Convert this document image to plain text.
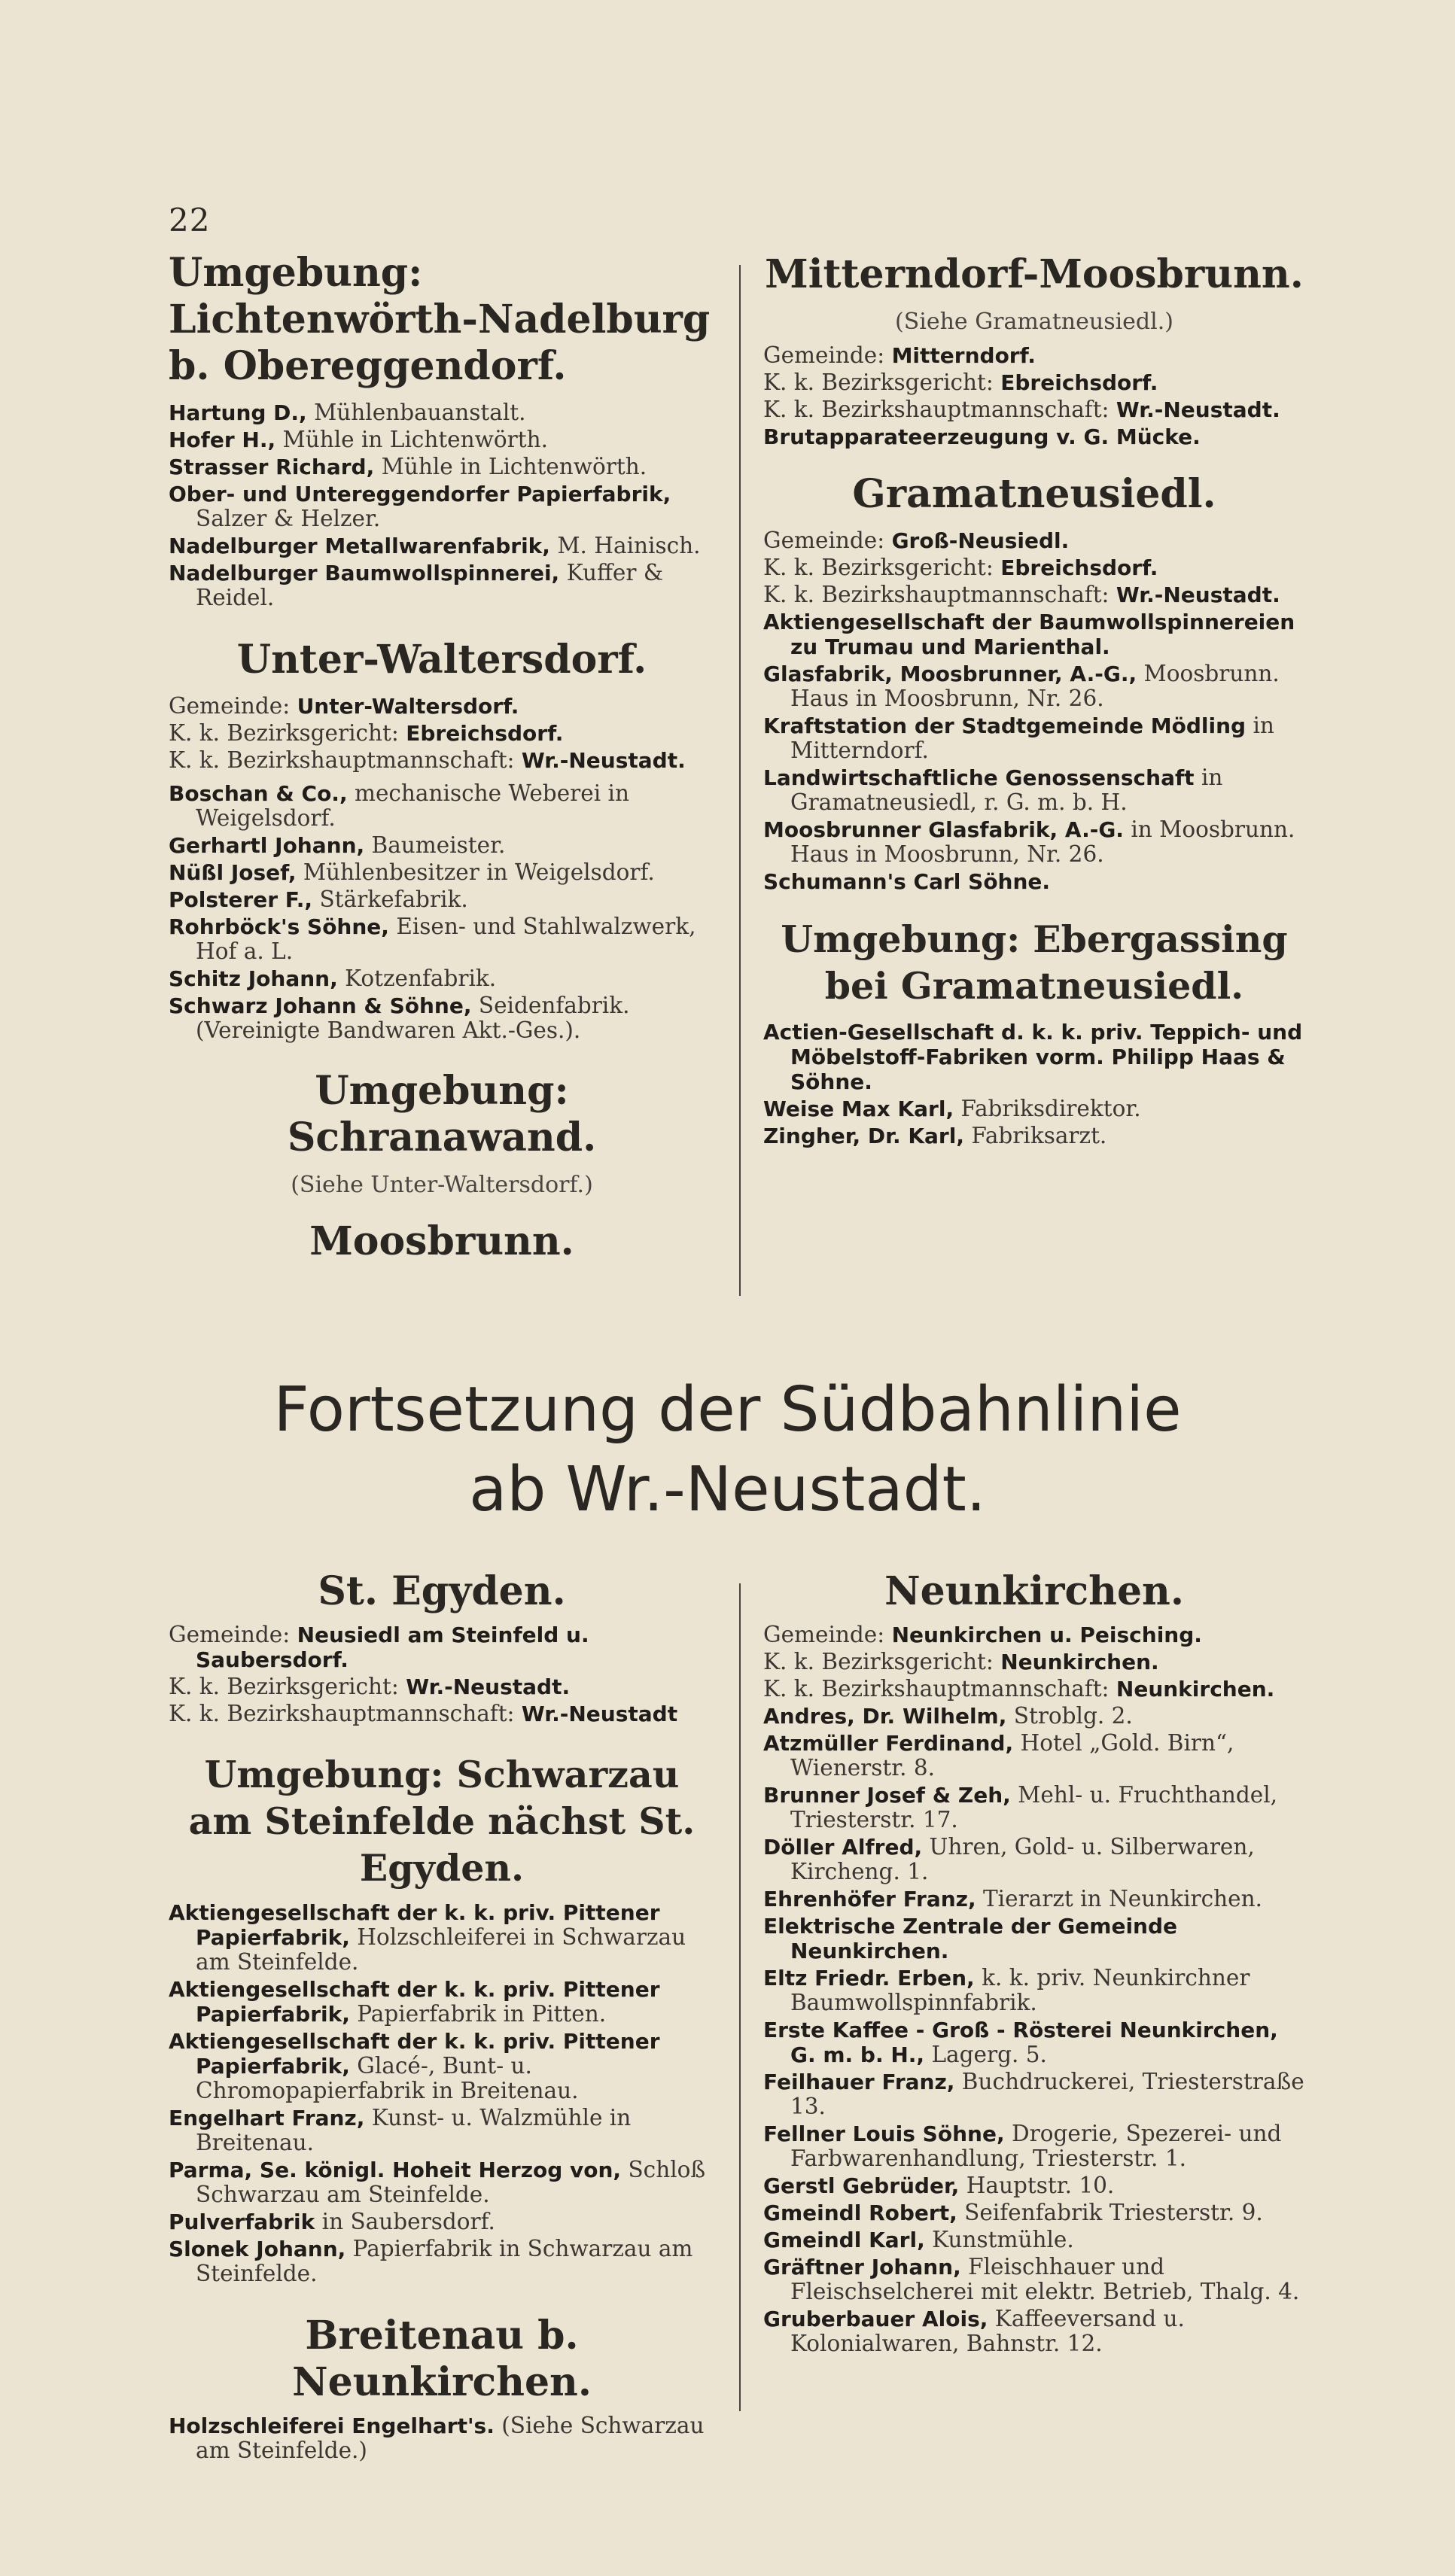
22
Umgebung: Lichtenwörth-Nadelburg b. Obereggendorf.

Hartung D., Mühlenbauanstalt.

Hofer H., Mühle in Lichtenwörth.

Strasser Richard, Mühle in Lichtenwörth.

Ober- und Untereggendorfer Papierfabrik, Salzer & Helzer.

Nadelburger Metallwarenfabrik, M. Hainisch.

Nadelburger Baumwollspinnerei, Kuffer & Reidel.

Unter-Waltersdorf.

Gemeinde: Unter-Waltersdorf.

K. k. Bezirksgericht: Ebreichsdorf.

K. k. Bezirkshauptmannschaft: Wr.-Neustadt.

Boschan & Co., mechanische Weberei in Weigelsdorf.

Gerhartl Johann, Baumeister.

Nüßl Josef, Mühlenbesitzer in Weigelsdorf.

Polsterer F., Stärkefabrik.

Rohrböck's Söhne, Eisen- und Stahlwalzwerk, Hof a. L.

Schitz Johann, Kotzenfabrik.

Schwarz Johann & Söhne, Seidenfabrik. (Vereinigte Bandwaren Akt.-Ges.).

Umgebung: Schranawand.
(Siehe Unter-Waltersdorf.)
Moosbrunn.
Mitterndorf-Moosbrunn.
(Siehe Gramatneusiedl.)

Gemeinde: Mitterndorf.

K. k. Bezirksgericht: Ebreichsdorf.

K. k. Bezirkshauptmannschaft: Wr.-Neustadt.

Brutapparateerzeugung v. G. Mücke.

Gramatneusiedl.

Gemeinde: Groß-Neusiedl.

K. k. Bezirksgericht: Ebreichsdorf.

K. k. Bezirkshauptmannschaft: Wr.-Neustadt.

Aktiengesellschaft der Baumwollspinnereien zu Trumau und Marienthal.

Glasfabrik, Moosbrunner, A.-G., Moosbrunn. Haus in Moosbrunn, Nr. 26.

Kraftstation der Stadtgemeinde Mödling in Mitterndorf.

Landwirtschaftliche Genossenschaft in Gramatneusiedl, r. G. m. b. H.

Moosbrunner Glasfabrik, A.-G. in Moosbrunn. Haus in Moosbrunn, Nr. 26.

Schumann's Carl Söhne.

Umgebung: Ebergassing bei Gramatneusiedl.

Actien-Gesellschaft d. k. k. priv. Teppich- und Möbelstoff-Fabriken vorm. Philipp Haas & Söhne.

Weise Max Karl, Fabriksdirektor.

Zingher, Dr. Karl, Fabriksarzt.

Fortsetzung der Südbahnlinie
ab Wr.-Neustadt.
St. Egyden.

Gemeinde: Neusiedl am Steinfeld u. Saubersdorf.

K. k. Bezirksgericht: Wr.-Neustadt.

K. k. Bezirkshauptmannschaft: Wr.-Neustadt

Umgebung: Schwarzau am Steinfelde nächst St. Egyden.

Aktiengesellschaft der k. k. priv. Pittener Papierfabrik, Holzschleiferei in Schwarzau am Steinfelde.

Aktiengesellschaft der k. k. priv. Pittener Papierfabrik, Papierfabrik in Pitten.

Aktiengesellschaft der k. k. priv. Pittener Papierfabrik, Glacé-, Bunt- u. Chromopapierfabrik in Breitenau.

Engelhart Franz, Kunst- u. Walzmühle in Breitenau.

Parma, Se. königl. Hoheit Herzog von, Schloß Schwarzau am Steinfelde.

Pulverfabrik in Saubersdorf.

Slonek Johann, Papierfabrik in Schwarzau am Steinfelde.

Breitenau b. Neunkirchen.

Holzschleiferei Engelhart's. (Siehe Schwarzau am Steinfelde.)

Neunkirchen.

Gemeinde: Neunkirchen u. Peisching.

K. k. Bezirksgericht: Neunkirchen.

K. k. Bezirkshauptmannschaft: Neunkirchen.

Andres, Dr. Wilhelm, Stroblg. 2.

Atzmüller Ferdinand, Hotel „Gold. Birn“, Wienerstr. 8.

Brunner Josef & Zeh, Mehl- u. Fruchthandel, Triesterstr. 17.

Döller Alfred, Uhren, Gold- u. Silberwaren, Kircheng. 1.

Ehrenhöfer Franz, Tierarzt in Neunkirchen.

Elektrische Zentrale der Gemeinde Neunkirchen.

Eltz Friedr. Erben, k. k. priv. Neunkirchner Baumwollspinnfabrik.

Erste Kaffee - Groß - Rösterei Neunkirchen, G. m. b. H., Lagerg. 5.

Feilhauer Franz, Buchdruckerei, Triesterstraße 13.

Fellner Louis Söhne, Drogerie, Spezerei- und Farbwarenhandlung, Triesterstr. 1.

Gerstl Gebrüder, Hauptstr. 10.

Gmeindl Robert, Seifenfabrik Triesterstr. 9.

Gmeindl Karl, Kunstmühle.

Gräftner Johann, Fleischhauer und Fleischselcherei mit elektr. Betrieb, Thalg. 4.

Gruberbauer Alois, Kaffeeversand u. Kolonialwaren, Bahnstr. 12.
